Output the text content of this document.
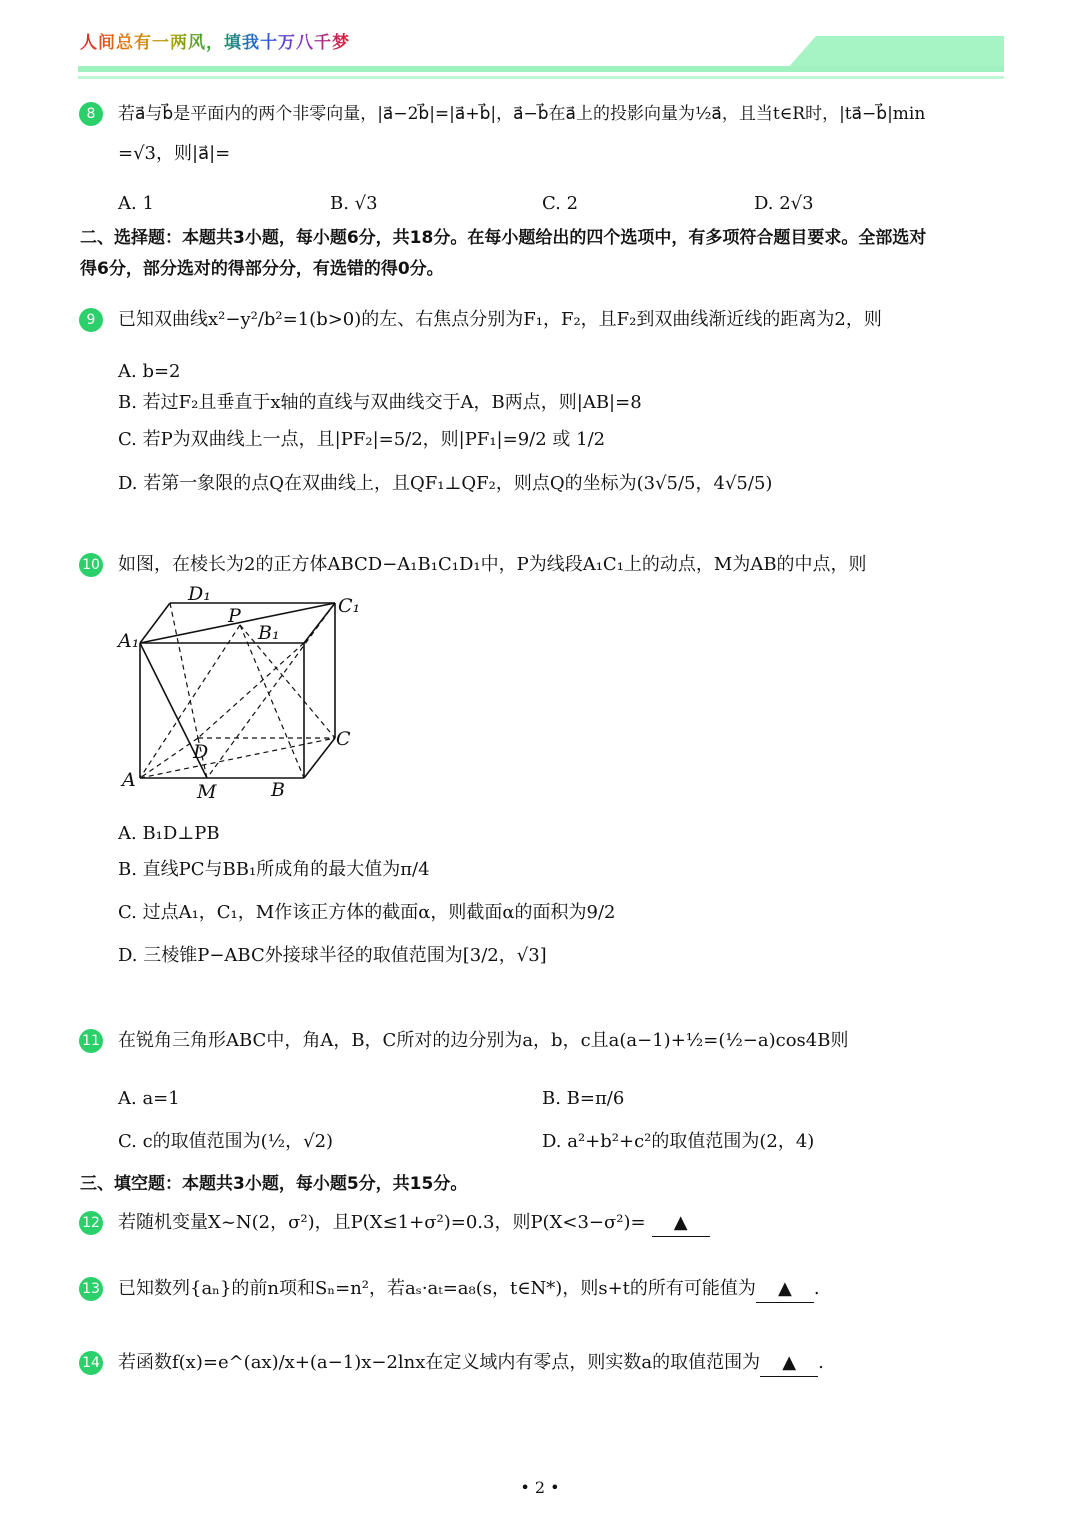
人间总有一两风，填我十万八千梦
8	若a⃗与b⃗是平面内的两个非零向量，|a⃗−2b⃗|=|a⃗+b⃗|，a⃗−b⃗在a⃗上的投影向量为½a⃗，且当t∈R时，|ta⃗−b⃗|min
=√3，则|a⃗|=
A. 1	B. √3	C. 2	D. 2√3
二、选择题：本题共3小题，每小题6分，共18分。在每小题给出的四个选项中，有多项符合题目要求。全部选对
得6分，部分选对的得部分分，有选错的得0分。
9	已知双曲线x²−y²/b²=1(b>0)的左、右焦点分别为F₁，F₂，且F₂到双曲线渐近线的距离为2，则
A. b=2
B. 若过F₂且垂直于x轴的直线与双曲线交于A，B两点，则|AB|=8
C. 若P为双曲线上一点，且|PF₂|=5/2，则|PF₁|=9/2 或 1/2
D. 若第一象限的点Q在双曲线上，且QF₁⊥QF₂，则点Q的坐标为(3√5/5，4√5/5)
10 如图，在棱长为2的正方体ABCD−A₁B₁C₁D₁中，P为线段A₁C₁上的动点，M为AB的中点，则
D₁
C₁
P
B₁
A₁
D
C
A
M	B
A. B₁D⊥PB
B. 直线PC与BB₁所成角的最大值为π/4
C. 过点A₁，C₁，M作该正方体的截面α，则截面α的面积为9/2
D. 三棱锥P−ABC外接球半径的取值范围为[3/2，√3]
11 在锐角三角形ABC中，角A，B，C所对的边分别为a，b，c且a(a−1)+½=(½−a)cos4B则
A. a=1	B. B=π/6
C. c的取值范围为(½，√2)	D. a²+b²+c²的取值范围为(2，4)
三、填空题：本题共3小题，每小题5分，共15分。
12 若随机变量X~N(2，σ²)，且P(X≤1+σ²)=0.3，则P(X<3−σ²)= ▲
13 已知数列{aₙ}的前n项和Sₙ=n²，若aₛ·aₜ=a₈(s，t∈N*)，则s+t的所有可能值为 ▲ .
14 若函数f(x)=e^(ax)/x+(a−1)x−2lnx在定义域内有零点，则实数a的取值范围为 ▲ .
• 2 •
